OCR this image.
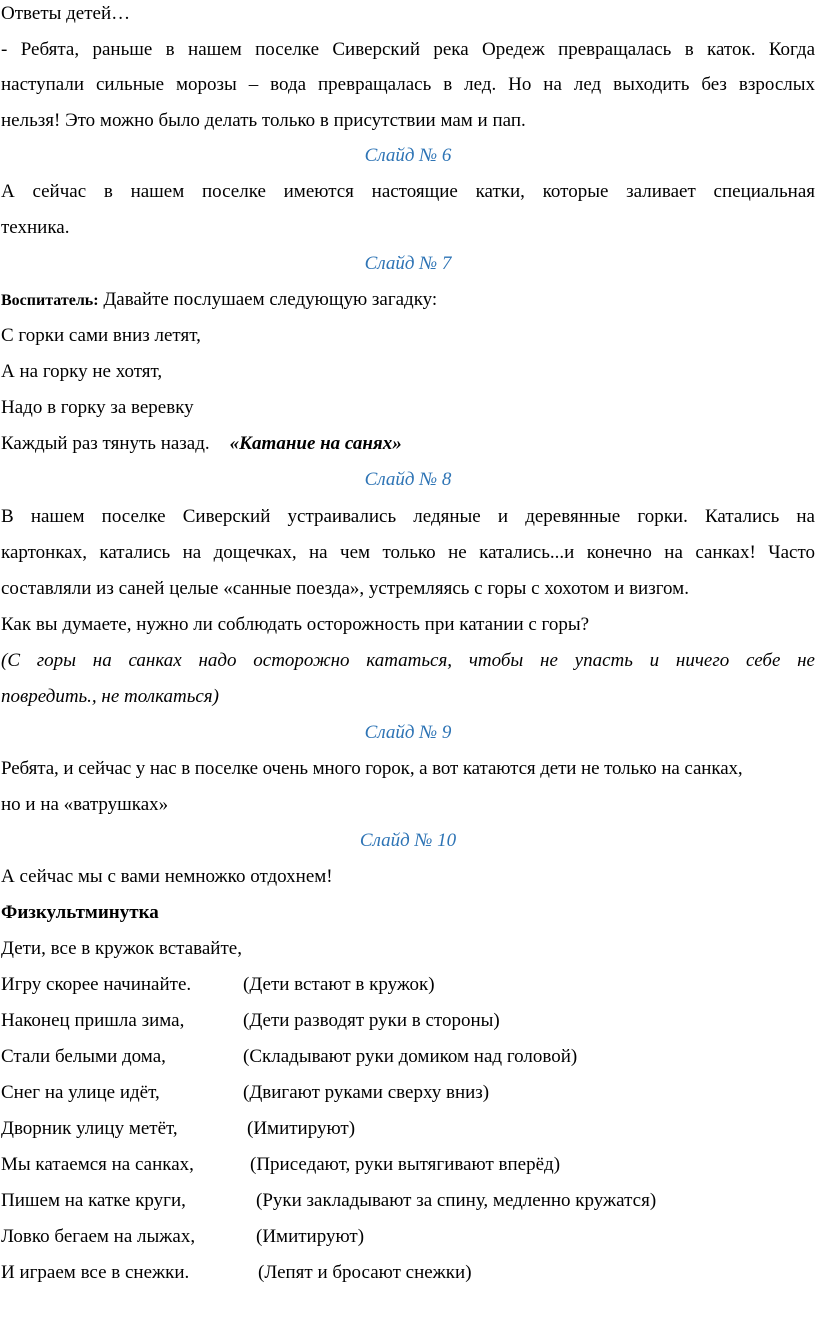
Ответы детей…
- Ребята, раньше в нашем поселке Сиверский река Оредеж превращалась в каток. Когда
наступали сильные морозы – вода превращалась в лед. Но на лед выходить без взрослых
нельзя! Это можно было делать только в присутствии мам и пап.
Слайд № 6
А сейчас в нашем поселке имеются настоящие катки, которые заливает специальная
техника.
Слайд № 7
Воспитатель: Давайте послушаем следующую загадку:
С горки сами вниз летят,
А на горку не хотят,
Надо в горку за веревку
Каждый раз тянуть назад. «Катание на санях»
Слайд № 8
В нашем поселке Сиверский устраивались ледяные и деревянные горки. Катались на
картонках, катались на дощечках, на чем только не катались...и конечно на санках! Часто
составляли из саней целые «санные поезда», устремляясь с горы с хохотом и визгом.
Как вы думаете, нужно ли соблюдать осторожность при катании с горы?
(С горы на санках надо осторожно кататься, чтобы не упасть и ничего себе не
повредить., не толкаться)
Слайд № 9
Ребята, и сейчас у нас в поселке очень много горок, а вот катаются дети не только на санках,
но и на «ватрушках»
Слайд № 10
А сейчас мы с вами немножко отдохнем!
Физкультминутка
Дети, все в кружок вставайте,
Игру скорее начинайте.	(Дети встают в кружок)
Наконец пришла зима,	(Дети разводят руки в стороны)
Стали белыми дома,	(Складывают руки домиком над головой)
Снег на улице идёт,	(Двигают руками сверху вниз)
Дворник улицу метёт,	(Имитируют)
Мы катаемся на санках,	(Приседают, руки вытягивают вперёд)
Пишем на катке круги,	(Руки закладывают за спину, медленно кружатся)
Ловко бегаем на лыжах,	(Имитируют)
И играем все в снежки.	(Лепят и бросают снежки)
